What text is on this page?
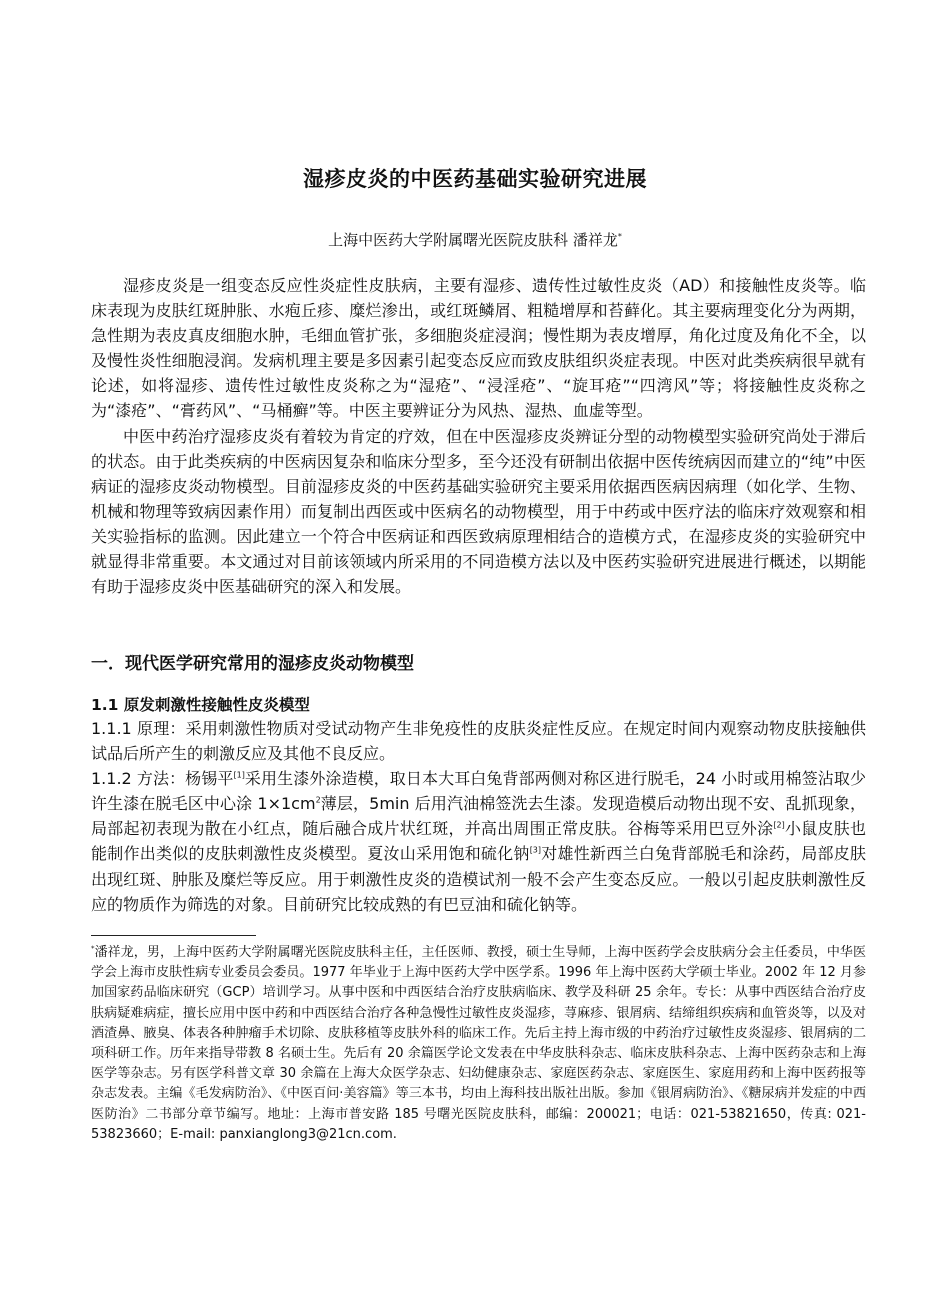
湿疹皮炎的中医药基础实验研究进展
上海中医药大学附属曙光医院皮肤科 潘祥龙*

湿疹皮炎是一组变态反应性炎症性皮肤病，主要有湿疹、遗传性过敏性皮炎（AD）和接触性皮炎等。临床表现为皮肤红斑肿胀、水疱丘疹、糜烂渗出，或红斑鳞屑、粗糙增厚和苔藓化。其主要病理变化分为两期，急性期为表皮真皮细胞水肿，毛细血管扩张，多细胞炎症浸润；慢性期为表皮增厚，角化过度及角化不全，以及慢性炎性细胞浸润。发病机理主要是多因素引起变态反应而致皮肤组织炎症表现。中医对此类疾病很早就有论述，如将湿疹、遗传性过敏性皮炎称之为“湿疮”、“浸淫疮”、“旋耳疮”“四湾风”等；将接触性皮炎称之为“漆疮”、“膏药风”、“马桶癣”等。中医主要辨证分为风热、湿热、血虚等型。

中医中药治疗湿疹皮炎有着较为肯定的疗效，但在中医湿疹皮炎辨证分型的动物模型实验研究尚处于滞后的状态。由于此类疾病的中医病因复杂和临床分型多，至今还没有研制出依据中医传统病因而建立的“纯”中医病证的湿疹皮炎动物模型。目前湿疹皮炎的中医药基础实验研究主要采用依据西医病因病理（如化学、生物、机械和物理等致病因素作用）而复制出西医或中医病名的动物模型，用于中药或中医疗法的临床疗效观察和相关实验指标的监测。因此建立一个符合中医病证和西医致病原理相结合的造模方式，在湿疹皮炎的实验研究中就显得非常重要。本文通过对目前该领域内所采用的不同造模方法以及中医药实验研究进展进行概述，以期能有助于湿疹皮炎中医基础研究的深入和发展。

一．现代医学研究常用的湿疹皮炎动物模型
1.1 原发刺激性接触性皮炎模型

1.1.1 原理：采用刺激性物质对受试动物产生非免疫性的皮肤炎症性反应。在规定时间内观察动物皮肤接触供试品后所产生的刺激反应及其他不良反应。

1.1.2 方法：杨锡平[1]采用生漆外涂造模，取日本大耳白兔背部两侧对称区进行脱毛，24 小时或用棉签沾取少许生漆在脱毛区中心涂 $1\times 1cm^2$薄层，5min 后用汽油棉签洗去生漆。发现造模后动物出现不安、乱抓现象，局部起初表现为散在小红点，随后融合成片状红斑，并高出周围正常皮肤。谷梅等采用巴豆外涂[2]小鼠皮肤也能制作出类似的皮肤刺激性皮炎模型。夏汝山采用饱和硫化钠[3]对雄性新西兰白兔背部脱毛和涂药，局部皮肤出现红斑、肿胀及糜烂等反应。用于刺激性皮炎的造模试剂一般不会产生变态反应。一般以引起皮肤刺激性反应的物质作为筛选的对象。目前研究比较成熟的有巴豆油和硫化钠等。

*潘祥龙，男，上海中医药大学附属曙光医院皮肤科主任，主任医师、教授，硕士生导师，上海中医药学会皮肤病分会主任委员，中华医学会上海市皮肤性病专业委员会委员。1977 年毕业于上海中医药大学中医学系。1996 年上海中医药大学硕士毕业。2002 年 12 月参加国家药品临床研究（GCP）培训学习。从事中医和中西医结合治疗皮肤病临床、教学及科研 25 余年。专长：从事中西医结合治疗皮肤病疑难病症，擅长应用中医中药和中西医结合治疗各种急慢性过敏性皮炎湿疹，荨麻疹、银屑病、结缔组织疾病和血管炎等，以及对酒渣鼻、腋臭、体表各种肿瘤手术切除、皮肤移植等皮肤外科的临床工作。先后主持上海市级的中药治疗过敏性皮炎湿疹、银屑病的二项科研工作。历年来指导带教 8 名硕士生。先后有 20 余篇医学论文发表在中华皮肤科杂志、临床皮肤科杂志、上海中医药杂志和上海医学等杂志。另有医学科普文章 30 余篇在上海大众医学杂志、妇幼健康杂志、家庭医药杂志、家庭医生、家庭用药和上海中医药报等杂志发表。主编《毛发病防治》、《中医百问·美容篇》等三本书，均由上海科技出版社出版。参加《银屑病防治》、《糖尿病并发症的中西医防治》二书部分章节编写。地址：上海市普安路 185 号曙光医院皮肤科，邮编：200021；电话：021-53821650，传真: 021-53823660；E-mail: panxianglong3@21cn.com.
